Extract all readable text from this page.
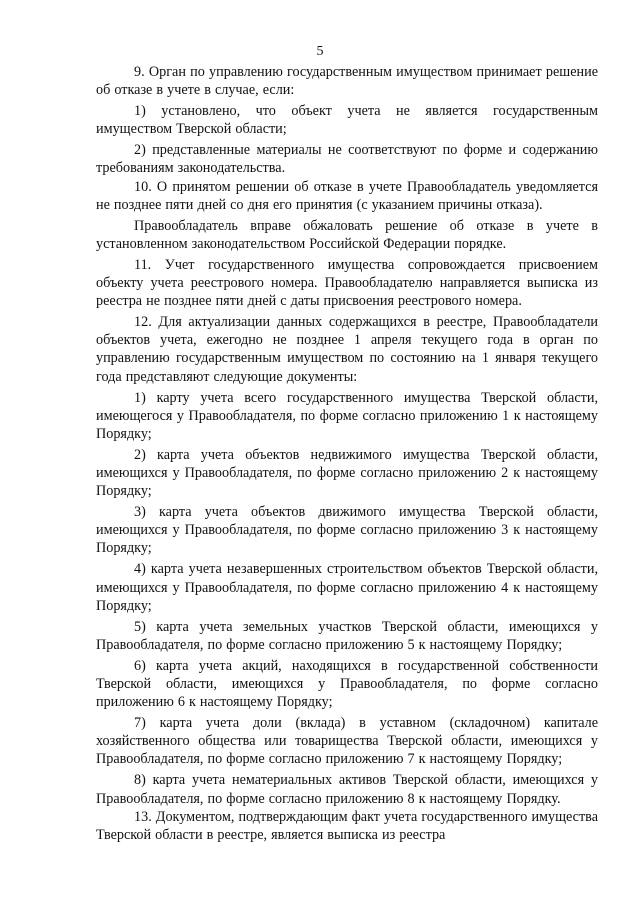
5

9. Орган по управлению государственным имуществом принимает решение об отказе в учете в случае, если:

1) установлено, что объект учета не является государственным имуществом Тверской области;

2) представленные материалы не соответствуют по форме и содержанию требованиям законодательства.

10. О принятом решении об отказе в учете Правообладатель уведомляется не позднее пяти дней со дня его принятия (с указанием причины отказа).

Правообладатель вправе обжаловать решение об отказе в учете в установленном законодательством Российской Федерации порядке.

11. Учет государственного имущества сопровождается присвоением объекту учета реестрового номера. Правообладателю направляется выписка из реестра не позднее пяти дней с даты присвоения реестрового номера.

12. Для актуализации данных содержащихся в реестре, Правообладатели объектов учета, ежегодно не позднее 1 апреля текущего года в орган по управлению государственным имуществом по состоянию на 1 января текущего года представляют следующие документы:

1) карту учета всего государственного имущества Тверской области, имеющегося у Правообладателя, по форме согласно приложению 1 к настоящему Порядку;

2) карта учета объектов недвижимого имущества Тверской области, имеющихся у Правообладателя, по форме согласно приложению 2 к настоящему Порядку;

3) карта учета объектов движимого имущества Тверской области, имеющихся у Правообладателя, по форме согласно приложению 3 к настоящему Порядку;

4) карта учета незавершенных строительством объектов Тверской области, имеющихся у Правообладателя, по форме согласно приложению 4 к настоящему Порядку;

5) карта учета земельных участков Тверской области, имеющихся у Правообладателя, по форме согласно приложению 5 к настоящему Порядку;

6) карта учета акций, находящихся в государственной собственности Тверской области, имеющихся у Правообладателя, по форме согласно приложению 6 к настоящему Порядку;

7) карта учета доли (вклада) в уставном (складочном) капитале хозяйственного общества или товарищества Тверской области, имеющихся у Правообладателя, по форме согласно приложению 7 к настоящему Порядку;

8) карта учета нематериальных активов Тверской области, имеющихся у Правообладателя, по форме согласно приложению 8 к настоящему Порядку.

13. Документом, подтверждающим факт учета государственного имущества Тверской области в реестре, является выписка из реестра
